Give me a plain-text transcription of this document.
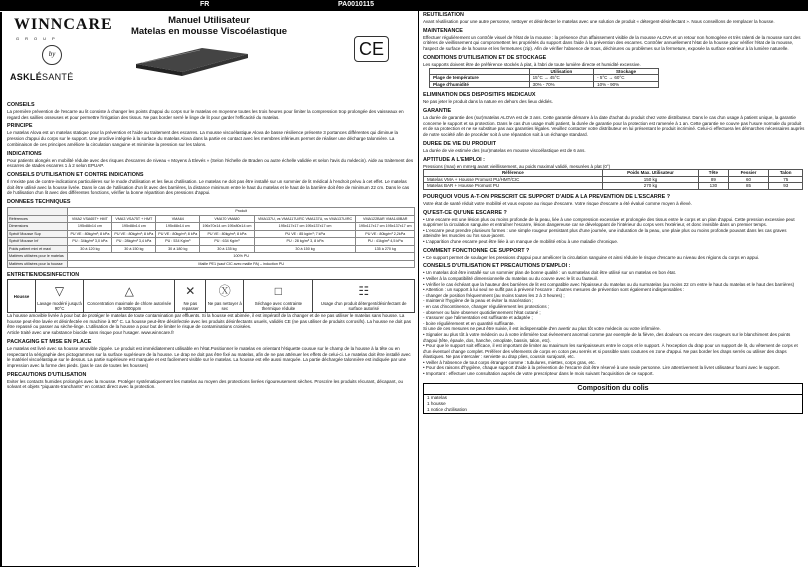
FR	PA0010115
WINNCARE
GROUP
by
ASKLÉSANTÉ
Manuel Utilisateur
Matelas en mousse Viscoélastique
CE
CONSEILS
La première prévention de l'escarre au lit consiste à changer les points d'appui du corps sur le matelas en moyenne toutes les trois heures pour limiter la compression trop prolongée des vaisseaux en regard des saillies osseuses et pour permettre l'irrigation des tissus. Ne pas border serré le linge de lit pour garder l'efficacité du matelas.
PRINCIPE
Le matelas Alova est un matelas statique pour la prévention et l'aide au traitement des escarres. La mousse viscoélastique Alova de basse résilience présente 3 portances différentes qui diminue la pression d'appui du corps sur le support. Une proclive intégrée à la surface du matelas Alova dans la partie en contact avec les membres inférieurs permet de réaliser une décharge talonnière. La combinaison de ces principes améliore la circulation sanguine et minimise la pression sur les talons.
INDICATIONS
Pour patients alongés en mobilité réduite avec des risques d'escarres de niveau « Moyens à Elevés » (Selon l'échelle de Braden ou autre échelle validée et selon l'avis du médecin). Aide au traitement des escarres de stades escarres 1 à 2 selon EPUAP.
CONSEILS D'UTILISATION ET CONTRE INDICATIONS
Il n'existe pas de contre-indications particulières sur le mode d'utilisation et les lieux d'utilisation. Le matelas ne doit pas être installé sur un sommier de lit médical à l'endroit prévu à cet effet. Le matelas doit être utilisé avec la housse livrée. Dans le cas de l'utilisation d'un lit avec des barrières, la distance minimum entre le haut du matelas et le haut de la barrière doit être de minimum 22 cm. Dans le cas de l'utilisation d'un lit avec des différentes fonctions, vérifier la bonne répartition des pressions d'appui.
DONNEES TECHNIQUES
	Produit					
Références	VMA2 VSA65T+ HMT	VMA3 VSA75T + HMT	VMA64	VMA70 VMA80	VMA137U, vs VMA117U/RC VMA137U, vs VMA137U/RC	VMA122BAR VMA140BAR
Dimensions	195x88x14 cm	195x88x14 cm	195x88x14 cm	196x70x14 cm 195x80x14 cm	195x117x17 cm 195x137x17 cm	195x117x17 cm 195x137x17 cm
Spécif Mousse Sup	PU VE : 80kg/m³; 8 kPa	PU VE : 80kg/m³; 8 kPa	PU VE : 80kg/m³; 8 kPa	PU VE : 80kg/m³; 8 kPa	PU VE : 85 kg/m³; 7 kPa	PU VE : 80kg/m³ 2,2kPa
Spécif Mousse Inf	PU : 34kg/m³ 3,0 kPa	PU : 28kg/m³ 3,4 kPa	PU : 534 Kg/m³	PU : 634 Kg/m³	PU : 28 kg/m³ 3, 8 kPa	PU : 41kg/m³ 4,5 kPa
Poids patient mini et maxi	30 à 120 kg	30 à 150 kg	30 à 180 kg	30 à 135 kg	30 à 150 kg	135 à 270 kg
Matières utilisées pour le matelas	100% PU					
Matières utilisées pour la housse	Maille PE1 (sauf CIC avec maille PA) – induction PU					
ENTRETIEN/DESINFECTION
Housse	▽
Lavage modéré jusqu'à 90°C	
△
Concentration maximale de chlore autorisée de 5000ppm	
✕
Ne pas repasser	
Ⓧ
Ne pas nettoyer à sec	
□
Séchage avec contrainte thermique réduite	
☷
Usage d'un produit détergent/désinfectant de surface autorisé
La housse amovible livrée à pour but de protéger le matelas de toute contamination par effluents. Si la housse est abimée, il est impératif de la changer et de ne pas utiliser le matelas sans housse. La housse peut-être lavée et désinfectée en machine à 90° C. La housse peut-être désinfectée avec les produits désinfectants usuels, validés CE (ne pas utiliser de produits corrosifs). La housse ne doit pas être repassé ou passer au sèche-linge. L'utilisation de la housse a pour but de limiter le risque de contaminations croisées.
Article traité avec une substance biocide sans risque pour l'usager. www.winncare.fr
PACKAGING ET MISE EN PLACE
Le matelas est livré avec sa housse amovible zippée. Le produit est immédiatement utilisable en l'état.Positionner le matelas en orientant l'étiquette cousue sur le champ de la housse à la tête ou en respectant la sérigraphie des pictogrammes sur la surface supérieure de la housse. Le drap ne doit pas être fixé au matelas, afin de ne pas atténuer les effets de celui-ci. Le matelas doit être installé avec le matériel viscoélastique sur le dessus. La partie supérieure est marquée et est facilement visible sur le matelas. La housse est elle aussi marquée. La partie déchargée talonnière est indiquée par une impression avec la forme des pieds. (pas le cas de toutes les housses)
PRECAUTIONS D'UTILISATION
Eviter les contacts humides prolongés avec la mousse. Protéger systématiquement les matelas au moyen des protections livrées rigoureusement sèches. Proscrire les produits récurant, décapant, ou solvant et objets "piquants-tranchants" en contact direct avec la protection.
REUTILISATION
Avant réutilisation pour une autre personne, nettoyer et désinfecter le matelas avec une solution de produit « détergent-désinfectant ». Nous conseillons de remplacer la housse.
MAINTENANCE
Effectuer régulièrement un contrôle visuel de l'état de la mousse : la présence d'un affaissement visible de la mousse ALOVA et un retour non homogène et très ralenti de la mousse sont des critères de vieillissement qui compromettent les propriétés du support dans l'aide à la prévention des escarres. Contrôler annuellement l'état de la housse pour vérifier l'état de la mousse, l'aspect de surface de la housse et les fermetures (zip). Afin de vérifier l'absence de trous, déchirures ou problèmes sur la fermeture, exposée la surface extérieur à la lumière naturelle.
CONDITIONS D'UTILISATION ET DE STOCKAGE
Les supports doivent être de préférence stockés à plat, à l'abri de toute lumière directe et humidité excessive.
	Utilisation	Stockage
Plage de température	15°C → 45°C	- 5°C → 60°C
Plage d'humidité	30% - 70%	10% - 90%
ELIMINATION DES DISPOSITIFS MEDICAUX
Ne pas jeter le produit dans la nature en dehors des lieux dédiés.
GARANTIE
La durée de garantie des (sur)matelas ALOVA est de 3 ans. Cette garantie démarre à la date d'achat du produit chez votre distributeur. Dans le cas d'un usage à patient unique, la garantie concerne le support et sa protection. Dans le cas d'un usage multi patient, la durée de garantie pour la protection est ramenée à 1 an. Cette garantie ne couvre pas l'usure normale du produit et de sa protection et ne se substitue pas aux garanties légales. Veuillez contacter votre distributeur en lui présentant le produit incriminé. Celui-ci effectuera les démarches nécessaires auprès de notre société afin de procéder soit à une réparation soit à un échange standard.
DUREE DE VIE DU PRODUIT
La durée de vie estimée des (sur)matelas en mousse viscoélastique est de 6 ans.
APTITUDE A L'EMPLOI :
Pressions (max) en mmHg avant vieillissement, au poids maximal validé, mesurées à plat (0°)
Référence	Poids Max. Utilisateur	Tête	Fessier	Talon
Matelas VMA + Housse Promust PU/HMT/CIC	150 kg	89	60	75
Matelas BAR + Housse Promust PU	270 kg	130	85	93
POURQUOI VOUS A-T-ON PRESCRIT CE SUPPORT D'AIDE A LA PREVENTION DE L'ESCARRE ?
Votre état de santé réduit votre mobilité et vous expose au risque d'escarre. Votre risque d'escarre a été évalué comme moyen à élevé.
QU'EST-CE QU'UNE ESCARRE ?
• Une escarre est une lésion plus ou moins profonde de la peau, liée à une compression excessive et prolongée des tissus entre le corps et un plan d'appui. Cette pression excessive peut supprimer la circulation sanguine et entraîner l'escarre, lésion dangereuse car se développant de l'intérieur du corps vers l'extérieur, et donc invisible dans un premier temps.
• L'escarre peut prendre plusieurs formes : une simple rougeur persistant plus d'une journée, une induration de la peau, une plaie plus ou moins profonde pouvant dans les cas graves atteindre les muscles ou l'os sous-jacent.
• L'apparition d'une escarre peut être liée à un manque de mobilité et/ou à une maladie chronique.
COMMENT FONCTIONNE CE SUPPORT ?
• Ce support permet de soulager les pressions d'appui pour améliorer la circulation sanguine et ainsi réduire le risque d'escarre au niveau des régions du corps en appui.
CONSEILS D'UTILISATION ET PRECAUTIONS D'EMPLOI :
• Un matelas doit être installé sur un sommier plan de bonne qualité : un surmatelas doit être utilisé sur un matelas en bon état.
• Veiller à la compatibilité dimensionnelle du matelas ou du couvre avec le lit ou fauteuil.
• Vérifier le cas échéant que la hauteur des barrières de lit est compatible avec l'épaisseur du matelas ou du surmatelas (au moins 22 cm entre le haut du matelas et le haut des barrières)
• Attention : un support à lui seul ne suffit pas à prévenir l'escarre : d'autres mesures de prévention sont également indispensables :
- changer de position fréquemment (au moins toutes les 2 à 3 heures) ;
- maintenir l'hygiène de la peau et éviter la macération ;
- en cas d'incontinence, changer régulièrement les protections ;
- observer ou faire observer quotidiennement l'état cutané ;
- s'assurer que l'alimentation est suffisante et adaptée ;
- boire régulièrement et en quantité suffisante.
Si une de ces mesures ne peut être suivie, il est indispensable d'en avertir au plus tôt votre médecin ou votre infirmière.
• Signaler au plus tôt à votre médecin ou à votre infirmière tout évènement anormal comme par exemple de la fièvre, des douleurs ou encore des rougeurs sur le blanchiment des points d'appui (tête, épaule, dos, hanche, omoplate, bassin, talon, etc).
• Pour que le support soit efficace, il est important de limiter au maximum les surépaisseurs entre le corps et le support. À l'exception du drap pour un support de lit, du vêtement de corps et d'un éventuel change complet. Préférer des vêtements de corps en coton peu serrés et si possible sans coutures en zone d'appui. Ne pas border les draps serrés ou utiliser des draps élastiques. Ne pas intercaler : serviette ou drap plies, coussin surajouté, etc.
• Veiller à l'absence de tout corps étranger comme : tubulures, miettes, corps gras, etc.
• Pour des raisons d'hygiène, chaque support d'aide à la prévention de l'escarre doit être réservé à une seule personne. Lire attentivement la livret utilisateur fourni avec le support.
• Important : effectuer une consultation auprès de votre prescripteur dans le mois suivant l'acquisition de ce support.
Composition du colis
1 matelas
1 housse
1 notice d'utilisation
